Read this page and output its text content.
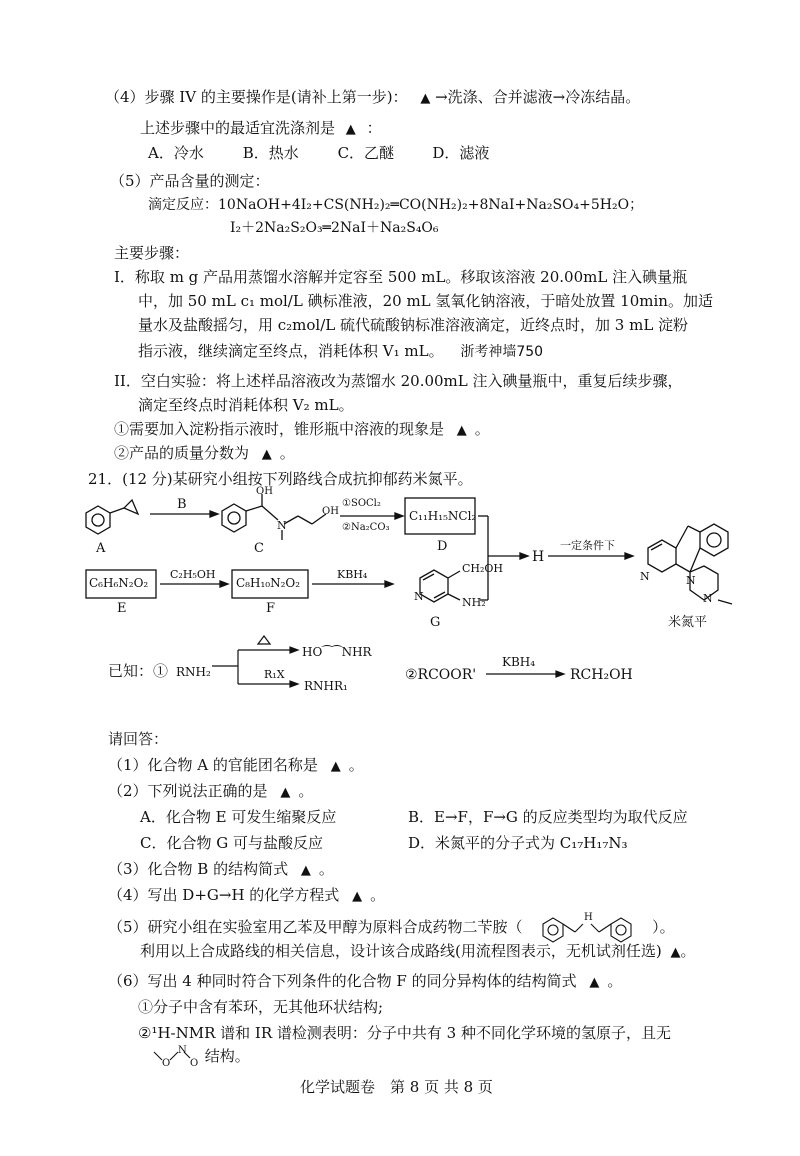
（4）步骤 IV 的主要操作是(请补上第一步)： ▲ →洗涤、合并滤液→冷冻结晶。
上述步骤中的最适宜洗涤剂是 ▲ ：
A．冷水	B．热水	C．乙醚	D．滤液
（5）产品含量的测定：
滴定反应：10NaOH+4I₂+CS(NH₂)₂═CO(NH₂)₂+8NaI+Na₂SO₄+5H₂O；
I₂＋2Na₂S₂O₃═2NaI＋Na₂S₄O₆
主要步骤：
I．称取 m g 产品用蒸馏水溶解并定容至 500 mL。移取该溶液 20.00mL 注入碘量瓶
中，加 50 mL c₁ mol/L 碘标准液，20 mL 氢氧化钠溶液，于暗处放置 10min。加适
量水及盐酸摇匀，用 c₂mol/L 硫代硫酸钠标准溶液滴定，近终点时，加 3 mL 淀粉
指示液，继续滴定至终点，消耗体积 V₁ mL。 浙考神墙750
II．空白实验：将上述样品溶液改为蒸馏水 20.00mL 注入碘量瓶中，重复后续步骤，
滴定至终点时消耗体积 V₂ mL。
①需要加入淀粉指示液时，锥形瓶中溶液的现象是 ▲ 。
②产品的质量分数为 ▲ 。
21．(12 分)某研究小组按下列路线合成抗抑郁药米氮平。
A
B
C
OH
N
OH
①SOCl₂
②Na₂CO₃
C₁₁H₁₅NCl₂
D
C₆H₆N₂O₂
E
C₂H₅OH
C₈H₁₀N₂O₂
F
KBH₄	CH₂OH
NH₂
N
G
H
一定条件下
N	N
N
米氮平
已知：① RNH₂
HO⁀⁀NHR
R₁X
RNHR₁
②RCOOR'
KBH₄
RCH₂OH
请回答：
（1）化合物 A 的官能团名称是 ▲ 。
（2）下列说法正确的是 ▲ 。
A．化合物 E 可发生缩聚反应	B．E→F，F→G 的反应类型均为取代反应
C．化合物 G 可与盐酸反应	D．米氮平的分子式为 C₁₇H₁₇N₃
（3）化合物 B 的结构简式 ▲ 。
（4）写出 D+G→H 的化学方程式 ▲ 。
（5）研究小组在实验室用乙苯及甲醇为原料合成药物二苄胺（
H
）。
利用以上合成路线的相关信息，设计该合成路线(用流程图表示，无机试剂任选) ▲。
（6）写出 4 种同时符合下列条件的化合物 F 的同分异构体的结构简式 ▲ 。
①分子中含有苯环，无其他环状结构;
②¹H-NMR 谱和 IR 谱检测表明：分子中共有 3 种不同化学环境的氢原子，且无
O
N
O 结构。
化学试题卷　第 8 页 共 8 页
